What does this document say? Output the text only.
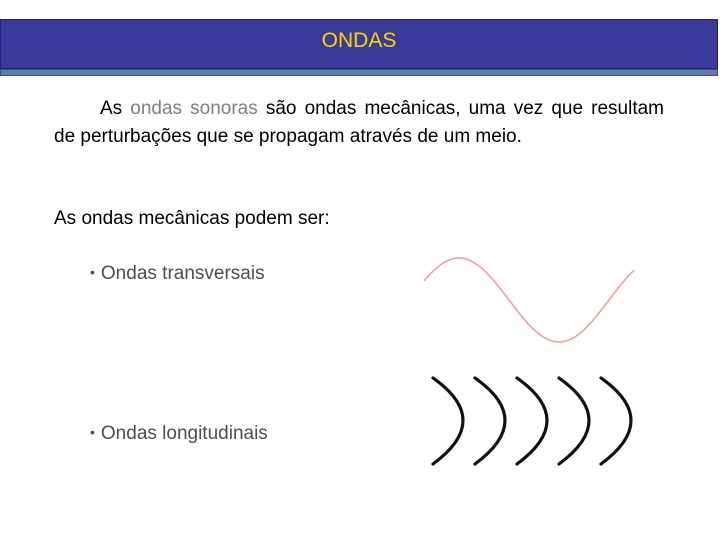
ONDAS
As ondas sonoras são ondas mecânicas, uma vez que resultam de perturbações que se propagam através de um meio.
As ondas mecânicas podem ser:
• Ondas transversais
• Ondas longitudinais
